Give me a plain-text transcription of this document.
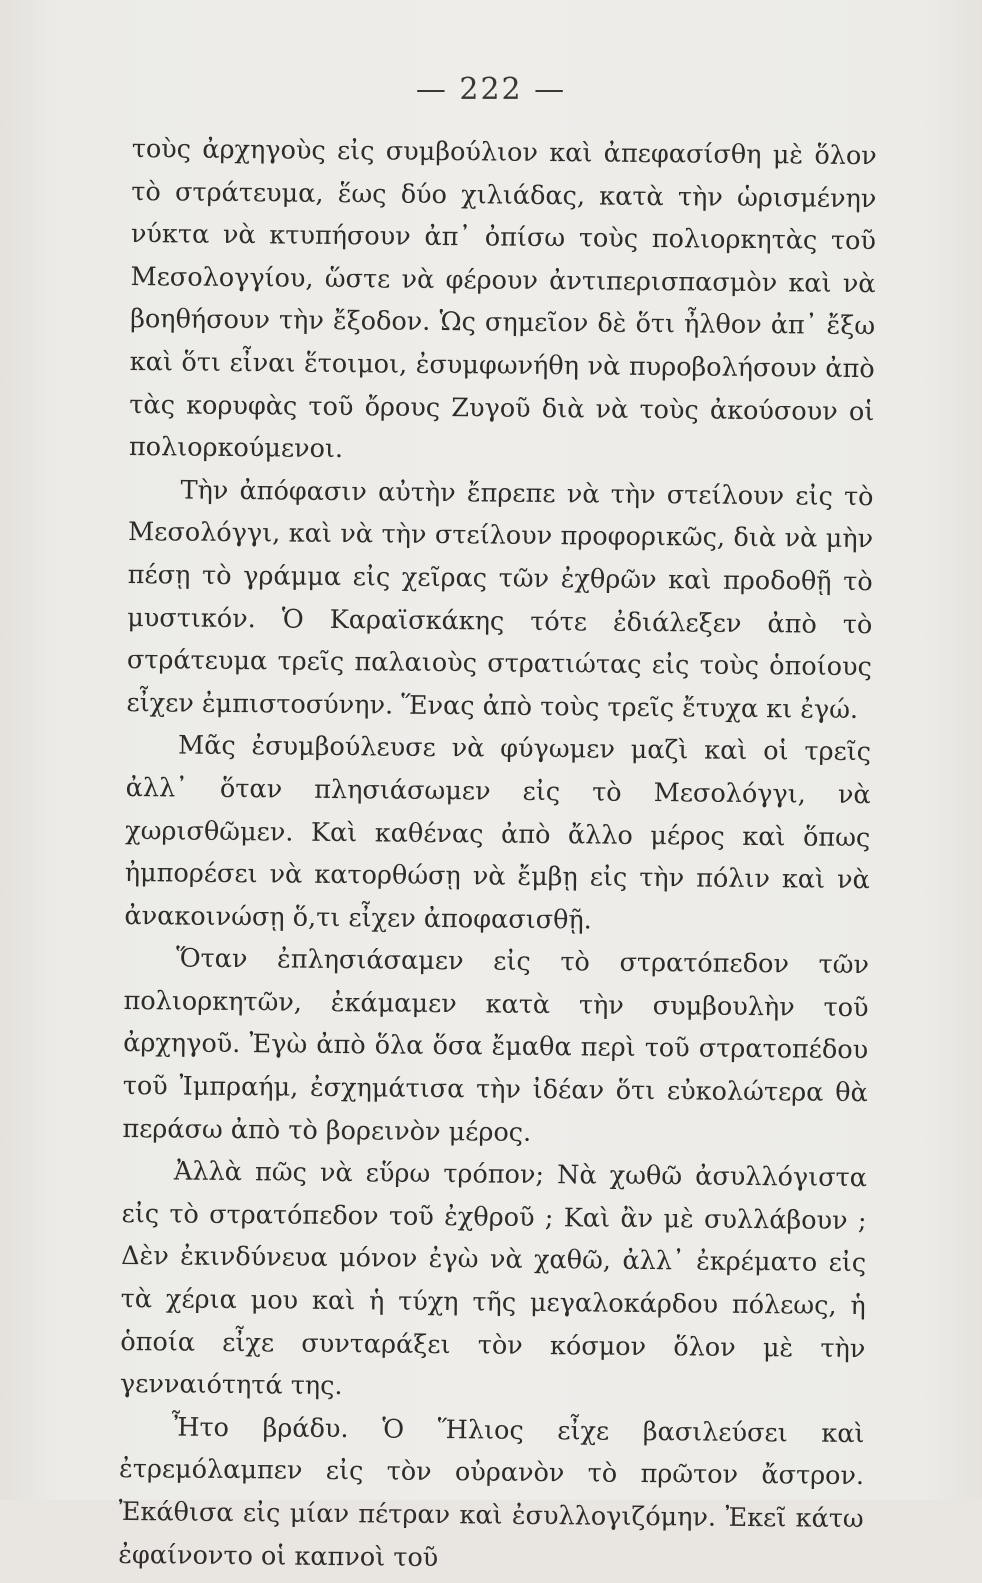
— 222 —

τοὺς ἀρχηγοὺς εἰς συμβούλιον καὶ ἀπεφασίσθη μὲ ὅλον τὸ στράτευμα, ἕως δύο χιλιάδας, κατὰ τὴν ὡρισμένην νύκτα νὰ κτυπήσουν ἀπ᾽ ὀπίσω τοὺς πολιορκητὰς τοῦ Μεσολογγίου, ὥστε νὰ φέρουν ἀντιπερισπασμὸν καὶ νὰ βοηθήσουν τὴν ἔξοδον. Ὡς σημεῖον δὲ ὅτι ἦλθον ἀπ᾽ ἔξω καὶ ὅτι εἶναι ἕτοιμοι, ἐσυμφωνήθη νὰ πυροβολήσουν ἀπὸ τὰς κορυφὰς τοῦ ὄρους Ζυγοῦ διὰ νὰ τοὺς ἀκούσουν οἱ πολιορκούμενοι.

Τὴν ἀπόφασιν αὐτὴν ἔπρεπε νὰ τὴν στείλουν εἰς τὸ Μεσολόγγι, καὶ νὰ τὴν στείλουν προφορικῶς, διὰ νὰ μὴν πέσῃ τὸ γράμμα εἰς χεῖρας τῶν ἐχθρῶν καὶ προδοθῇ τὸ μυστικόν. Ὁ Καραϊσκάκης τότε ἐδιάλεξεν ἀπὸ τὸ στράτευμα τρεῖς παλαιοὺς στρατιώτας εἰς τοὺς ὁποίους εἶχεν ἐμπιστοσύνην. Ἕνας ἀπὸ τοὺς τρεῖς ἔτυχα κι ἐγώ.

Μᾶς ἐσυμβούλευσε νὰ φύγωμεν μαζὶ καὶ οἱ τρεῖς ἀλλ᾽ ὅταν πλησιάσωμεν εἰς τὸ Μεσολόγγι, νὰ χωρισθῶμεν. Καὶ καθένας ἀπὸ ἄλλο μέρος καὶ ὅπως ἠμπορέσει νὰ κατορθώσῃ νὰ ἔμβῃ εἰς τὴν πόλιν καὶ νὰ ἀνακοινώσῃ ὅ,τι εἶχεν ἀποφασισθῇ.

Ὅταν ἐπλησιάσαμεν εἰς τὸ στρατόπεδον τῶν πολιορκητῶν, ἐκάμαμεν κατὰ τὴν συμβουλὴν τοῦ ἀρχηγοῦ. Ἐγὼ ἀπὸ ὅλα ὅσα ἔμαθα περὶ τοῦ στρατοπέδου τοῦ Ἰμπραήμ, ἐσχημάτισα τὴν ἰδέαν ὅτι εὐκολώτερα θὰ περάσω ἀπὸ τὸ βορεινὸν μέρος.

Ἀλλὰ πῶς νὰ εὕρω τρόπον; Νὰ χωθῶ ἀσυλλόγιστα εἰς τὸ στρατόπεδον τοῦ ἐχθροῦ ; Καὶ ἂν μὲ συλλάβουν ; Δὲν ἐκινδύνευα μόνον ἐγὼ νὰ χαθῶ, ἀλλ᾽ ἐκρέματο εἰς τὰ χέρια μου καὶ ἡ τύχη τῆς μεγαλοκάρδου πόλεως, ἡ ὁποία εἶχε συνταράξει τὸν κόσμον ὅλον μὲ τὴν γενναιότητά της.

Ἦτο βράδυ. Ὁ Ἥλιος εἶχε βασιλεύσει καὶ ἐτρεμόλαμπεν εἰς τὸν οὐρανὸν τὸ πρῶτον ἄστρον. Ἐκάθισα εἰς μίαν πέτραν καὶ ἐσυλλογιζόμην. Ἐκεῖ κάτω ἐφαίνοντο οἱ καπνοὶ τοῦ
